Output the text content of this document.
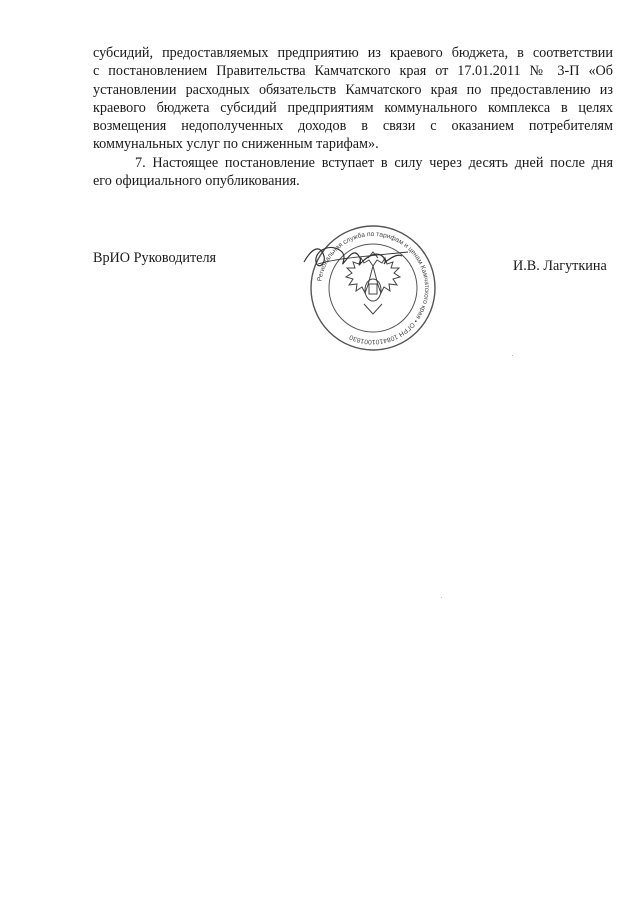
субсидий, предоставляемых предприятию из краевого бюджета, в соответствии
с постановлением Правительства Камчатского края от 17.01.2011 № 3-П «Об
установлении расходных обязательств Камчатского края по предоставлению из
краевого бюджета субсидий предприятиям коммунального комплекса в целях
возмещения недополученных доходов в связи с оказанием потребителям
коммунальных услуг по сниженным тарифам».
7. Настоящее постановление вступает в силу через десять дней после дня
его официального опубликования.
ВрИО Руководителя
Региональная служба по тарифам и ценам Камчатского края • ОГРН 1084101001830
И.В. Лагуткина
